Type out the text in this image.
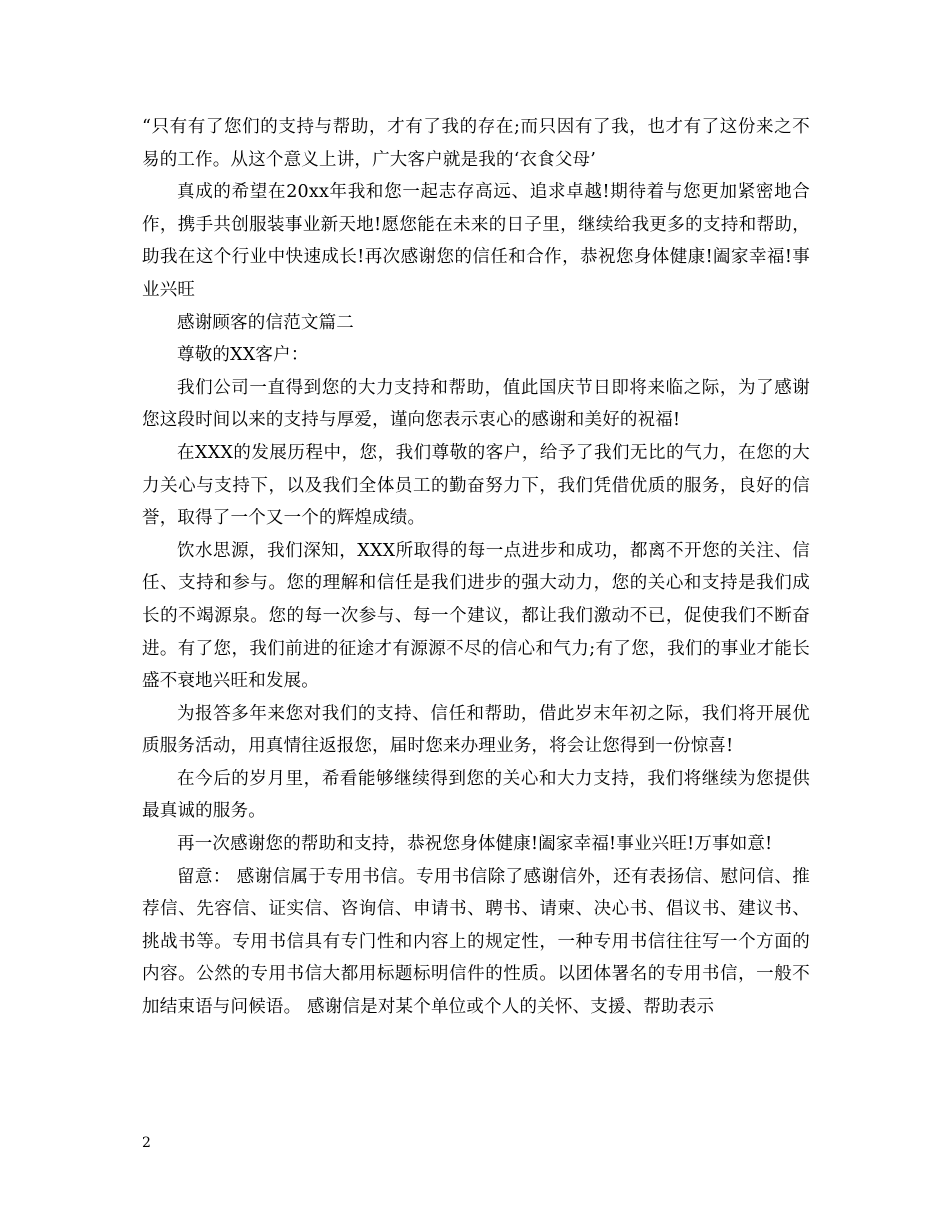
“只有有了您们的支持与帮助，才有了我的存在;而只因有了我，也才有了这份来之不易的工作。从这个意义上讲，广大客户就是我的‘衣食父母’

真成的希望在20xx年我和您一起志存高远、追求卓越!期待着与您更加紧密地合作，携手共创服装事业新天地!愿您能在未来的日子里，继续给我更多的支持和帮助，助我在这个行业中快速成长!再次感谢您的信任和合作，恭祝您身体健康!阖家幸福!事业兴旺

感谢顾客的信范文篇二

尊敬的XX客户：

我们公司一直得到您的大力支持和帮助，值此国庆节日即将来临之际，为了感谢您这段时间以来的支持与厚爱，谨向您表示衷心的感谢和美好的祝福!

在XXX的发展历程中，您，我们尊敬的客户，给予了我们无比的气力，在您的大力关心与支持下，以及我们全体员工的勤奋努力下，我们凭借优质的服务，良好的信誉，取得了一个又一个的辉煌成绩。

饮水思源，我们深知，XXX所取得的每一点进步和成功，都离不开您的关注、信任、支持和参与。您的理解和信任是我们进步的强大动力，您的关心和支持是我们成长的不竭源泉。您的每一次参与、每一个建议，都让我们激动不已，促使我们不断奋进。有了您，我们前进的征途才有源源不尽的信心和气力;有了您，我们的事业才能长盛不衰地兴旺和发展。

为报答多年来您对我们的支持、信任和帮助，借此岁末年初之际，我们将开展优质服务活动，用真情往返报您，届时您来办理业务，将会让您得到一份惊喜!

在今后的岁月里，希看能够继续得到您的关心和大力支持，我们将继续为您提供最真诚的服务。

再一次感谢您的帮助和支持，恭祝您身体健康!阖家幸福!事业兴旺!万事如意!

留意： 感谢信属于专用书信。专用书信除了感谢信外，还有表扬信、慰问信、推荐信、先容信、证实信、咨询信、申请书、聘书、请柬、决心书、倡议书、建议书、挑战书等。专用书信具有专门性和内容上的规定性，一种专用书信往往写一个方面的内容。公然的专用书信大都用标题标明信件的性质。以团体署名的专用书信，一般不加结束语与问候语。 感谢信是对某个单位或个人的关怀、支援、帮助表示

2
